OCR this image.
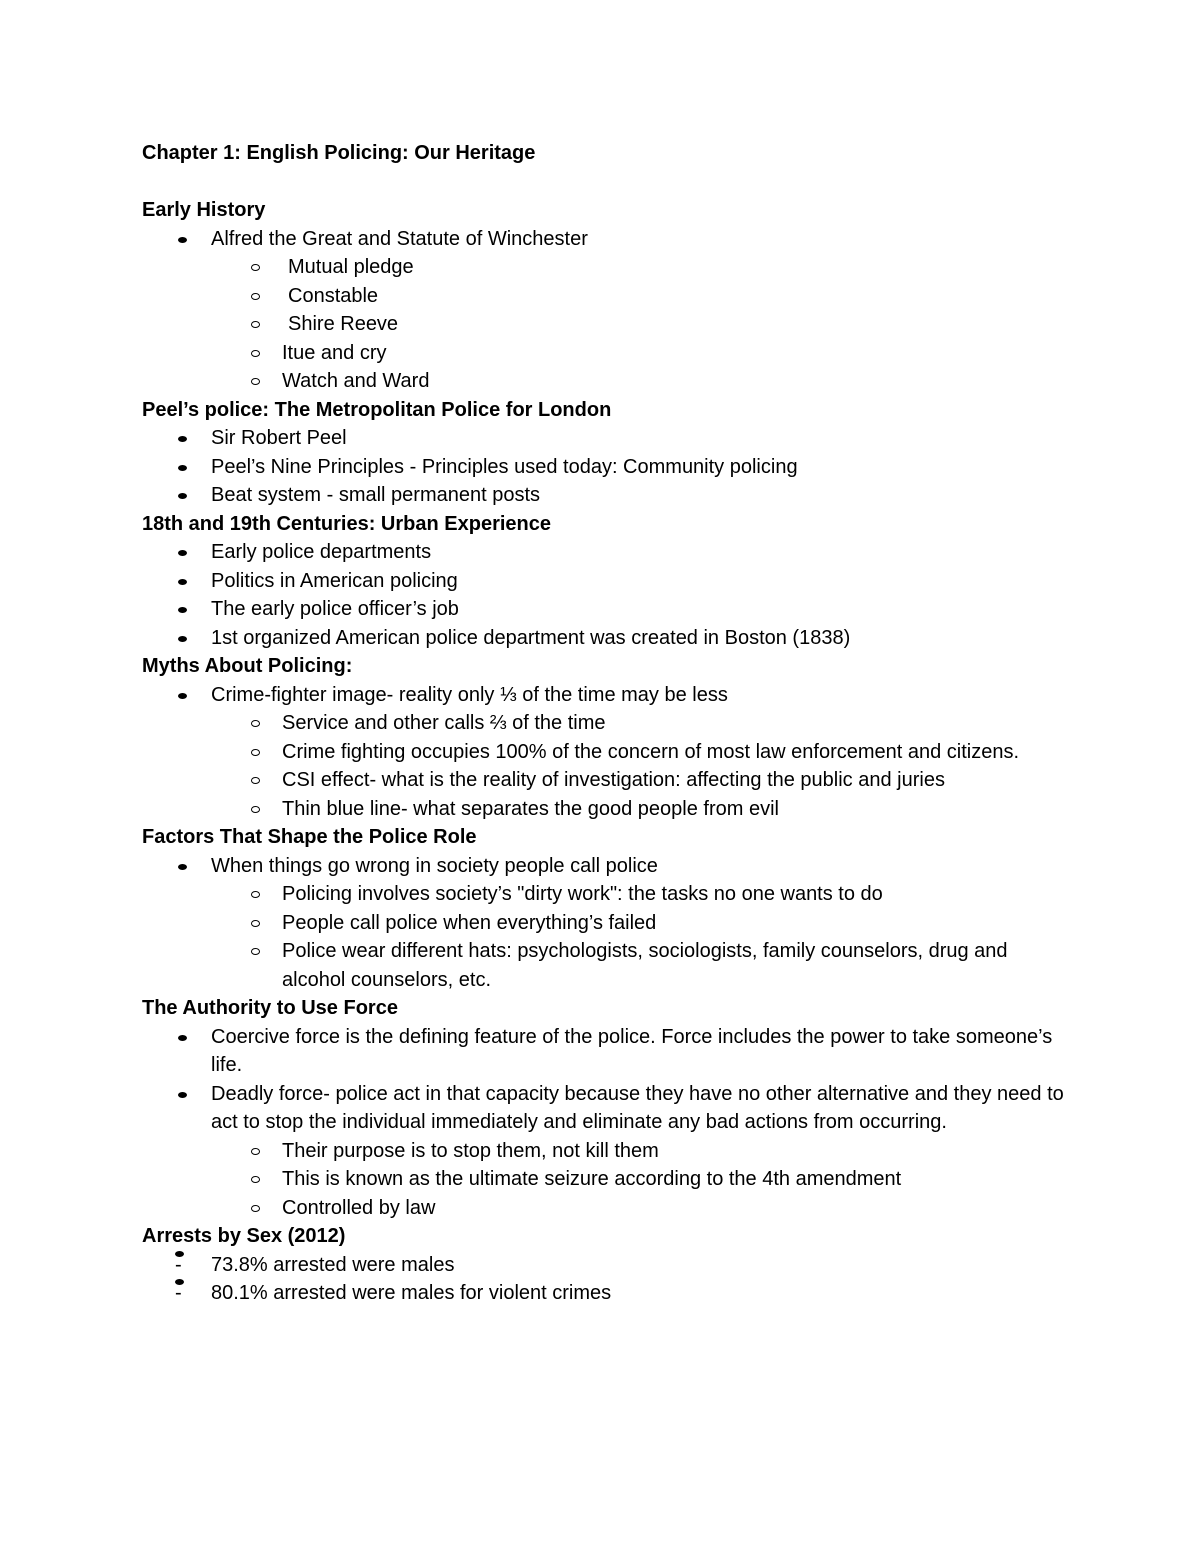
Chapter 1: English Policing: Our Heritage
Early History
Alfred the Great and Statute of Winchester
Mutual pledge
Constable
Shire Reeve
Itue and cry
Watch and Ward
Peel’s police: The Metropolitan Police for London
Sir Robert Peel
Peel’s Nine Principles - Principles used today: Community policing
Beat system - small permanent posts
18th and 19th Centuries: Urban Experience
Early police departments
Politics in American policing
The early police officer’s job
1st organized American police department was created in Boston (1838)
Myths About Policing:
Crime-fighter image- reality only ⅓ of the time may be less
Service and other calls ⅔ of the time
Crime fighting occupies 100% of the concern of most law enforcement and citizens.
CSI effect- what is the reality of investigation: affecting the public and juries
Thin blue line- what separates the good people from evil
Factors That Shape the Police Role
When things go wrong in society people call police
Policing involves society’s "dirty work": the tasks no one wants to do
People call police when everything’s failed
Police wear different hats: psychologists, sociologists, family counselors, drug and alcohol counselors, etc.
The Authority to Use Force
Coercive force is the defining feature of the police. Force includes the power to take someone’s life.
Deadly force- police act in that capacity because they have no other alternative and they need to act to stop the individual immediately and eliminate any bad actions from occurring.
Their purpose is to stop them, not kill them
This is known as the ultimate seizure according to the 4th amendment
Controlled by law
Arrests by Sex (2012)
- 73.8% arrested were males
- 80.1% arrested were males for violent crimes
